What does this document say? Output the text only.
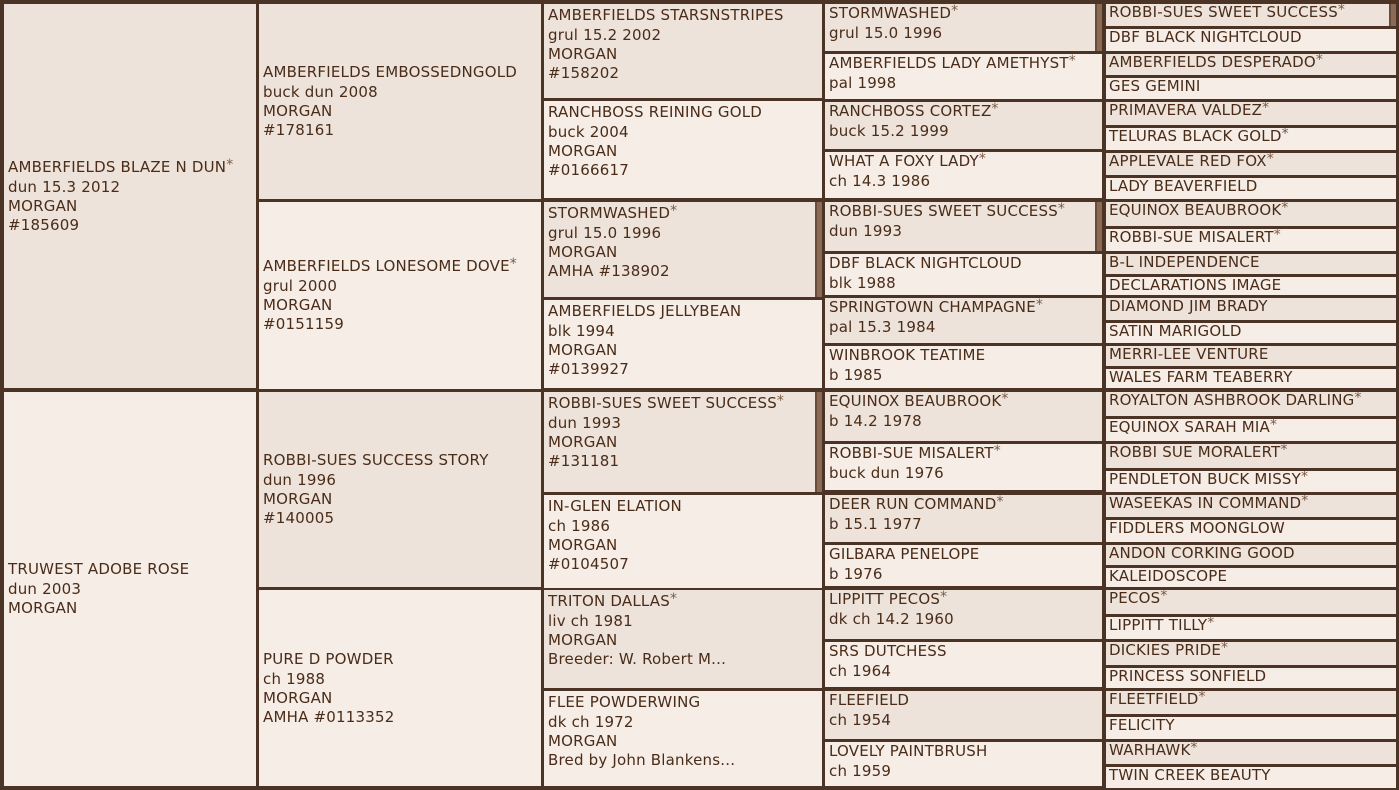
AMBERFIELDS BLAZE N DUN*
dun 15.3 2012
MORGAN
#185609
TRUWEST ADOBE ROSE
dun 2003
MORGAN
AMBERFIELDS EMBOSSEDNGOLD
buck dun 2008
MORGAN
#178161
AMBERFIELDS LONESOME DOVE*
grul 2000
MORGAN
#0151159
ROBBI-SUES SUCCESS STORY
dun 1996
MORGAN
#140005
PURE D POWDER
ch 1988
MORGAN
AMHA #0113352
AMBERFIELDS STARSNSTRIPES
grul 15.2 2002
MORGAN
#158202
RANCHBOSS REINING GOLD
buck 2004
MORGAN
#0166617
STORMWASHED*
grul 15.0 1996
MORGAN
AMHA #138902
AMBERFIELDS JELLYBEAN
blk 1994
MORGAN
#0139927
ROBBI-SUES SWEET SUCCESS*
dun 1993
MORGAN
#131181
IN-GLEN ELATION
ch 1986
MORGAN
#0104507
TRITON DALLAS*
liv ch 1981
MORGAN
Breeder: W. Robert M...
FLEE POWDERWING
dk ch 1972
MORGAN
Bred by John Blankens...
STORMWASHED*
grul 15.0 1996
AMBERFIELDS LADY AMETHYST*
pal 1998
RANCHBOSS CORTEZ*
buck 15.2 1999
WHAT A FOXY LADY*
ch 14.3 1986
ROBBI-SUES SWEET SUCCESS*
dun 1993
DBF BLACK NIGHTCLOUD
blk 1988
SPRINGTOWN CHAMPAGNE*
pal 15.3 1984
WINBROOK TEATIME
b 1985
EQUINOX BEAUBROOK*
b 14.2 1978
ROBBI-SUE MISALERT*
buck dun 1976
DEER RUN COMMAND*
b 15.1 1977
GILBARA PENELOPE
b 1976
LIPPITT PECOS*
dk ch 14.2 1960
SRS DUTCHESS
ch 1964
FLEEFIELD
ch 1954
LOVELY PAINTBRUSH
ch 1959
ROBBI-SUES SWEET SUCCESS*
DBF BLACK NIGHTCLOUD
AMBERFIELDS DESPERADO*
GES GEMINI
PRIMAVERA VALDEZ*
TELURAS BLACK GOLD*
APPLEVALE RED FOX*
LADY BEAVERFIELD
EQUINOX BEAUBROOK*
ROBBI-SUE MISALERT*
B-L INDEPENDENCE
DECLARATIONS IMAGE
DIAMOND JIM BRADY
SATIN MARIGOLD
MERRI-LEE VENTURE
WALES FARM TEABERRY
ROYALTON ASHBROOK DARLING*
EQUINOX SARAH MIA*
ROBBI SUE MORALERT*
PENDLETON BUCK MISSY*
WASEEKAS IN COMMAND*
FIDDLERS MOONGLOW
ANDON CORKING GOOD
KALEIDOSCOPE
PECOS*
LIPPITT TILLY*
DICKIES PRIDE*
PRINCESS SONFIELD
FLEETFIELD*
FELICITY
WARHAWK*
TWIN CREEK BEAUTY
